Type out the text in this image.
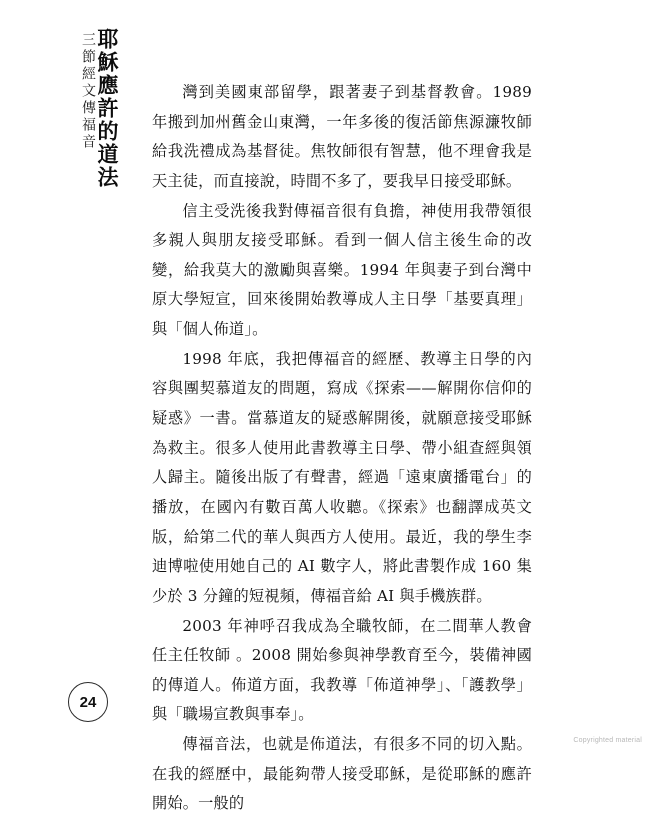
耶穌應許的道法
三節經文傳福音	灣到美國東部留學，跟著妻子到基督教會。1989 年搬到加州舊金山東灣，一年多後的復活節焦源濂牧師給我洗禮成為基督徒。焦牧師很有智慧，他不理會我是天主徒，而直接說，時間不多了，要我早日接受耶穌。

信主受洗後我對傳福音很有負擔，神使用我帶領很多親人與朋友接受耶穌。看到一個人信主後生命的改變，給我莫大的激勵與喜樂。1994 年與妻子到台灣中原大學短宣，回來後開始教導成人主日學「基要真理」與「個人佈道」。

1998 年底，我把傳福音的經歷、教導主日學的內容與團契慕道友的問題，寫成《探索——解開你信仰的疑惑》一書。當慕道友的疑惑解開後，就願意接受耶穌為救主。很多人使用此書教導主日學、帶小組查經與領人歸主。隨後出版了有聲書，經過「遠東廣播電台」的播放，在國內有數百萬人收聽。《探索》也翻譯成英文版，給第二代的華人與西方人使用。最近，我的學生李迪博啦使用她自己的 AI 數字人，將此書製作成 160 集少於 3 分鐘的短視頻，傳福音給 AI 與手機族群。

2003 年神呼召我成為全職牧師，在二間華人教會任主任牧師 。2008 開始參與神學教育至今，裝備神國的傳道人。佈道方面，我教導「佈道神學」、「護教學」與「職場宣教與事奉」。

傳福音法，也就是佈道法，有很多不同的切入點。在我的經歷中，最能夠帶人接受耶穌，是從耶穌的應許開始。一般的

24
Copyrighted material
